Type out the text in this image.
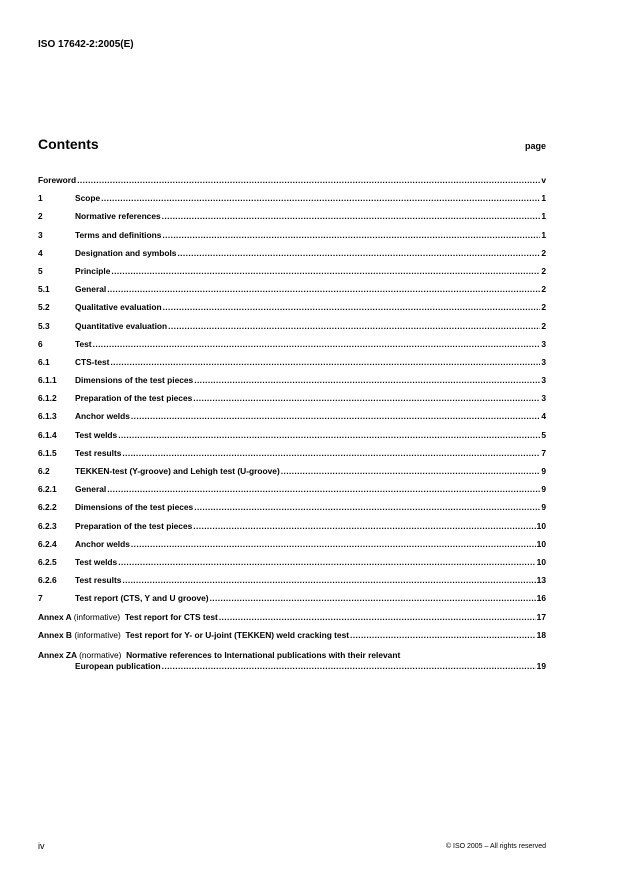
ISO 17642-2:2005(E)
Contents	page
Foreword .....	v
1	Scope .....	1
2	Normative references .....	1
3	Terms and definitions .....	1
4	Designation and symbols .....	2
5	Principle .....	2
5.1	General .....	2
5.2	Qualitative evaluation .....	2
5.3	Quantitative evaluation .....	2
6	Test .....	3
6.1	CTS-test .....	3
6.1.1	Dimensions of the test pieces .....	3
6.1.2	Preparation of the test pieces .....	3
6.1.3	Anchor welds .....	4
6.1.4	Test welds .....	5
6.1.5	Test results .....	7
6.2	TEKKEN-test (Y-groove) and Lehigh test (U-groove) .....	9
6.2.1	General .....	9
6.2.2	Dimensions of the test pieces .....	9
6.2.3	Preparation of the test pieces .....	10
6.2.4	Anchor welds .....	10
6.2.5	Test welds .....	10
6.2.6	Test results .....	13
7	Test report (CTS, Y and U groove) .....	16
Annex A (informative) Test report for CTS test .....	17
Annex B (informative) Test report for Y- or U-joint (TEKKEN) weld cracking test .....	18
Annex ZA (normative) Normative references to International publications with their relevant
European publication .....	19
iv	© ISO 2005 – All rights reserved
